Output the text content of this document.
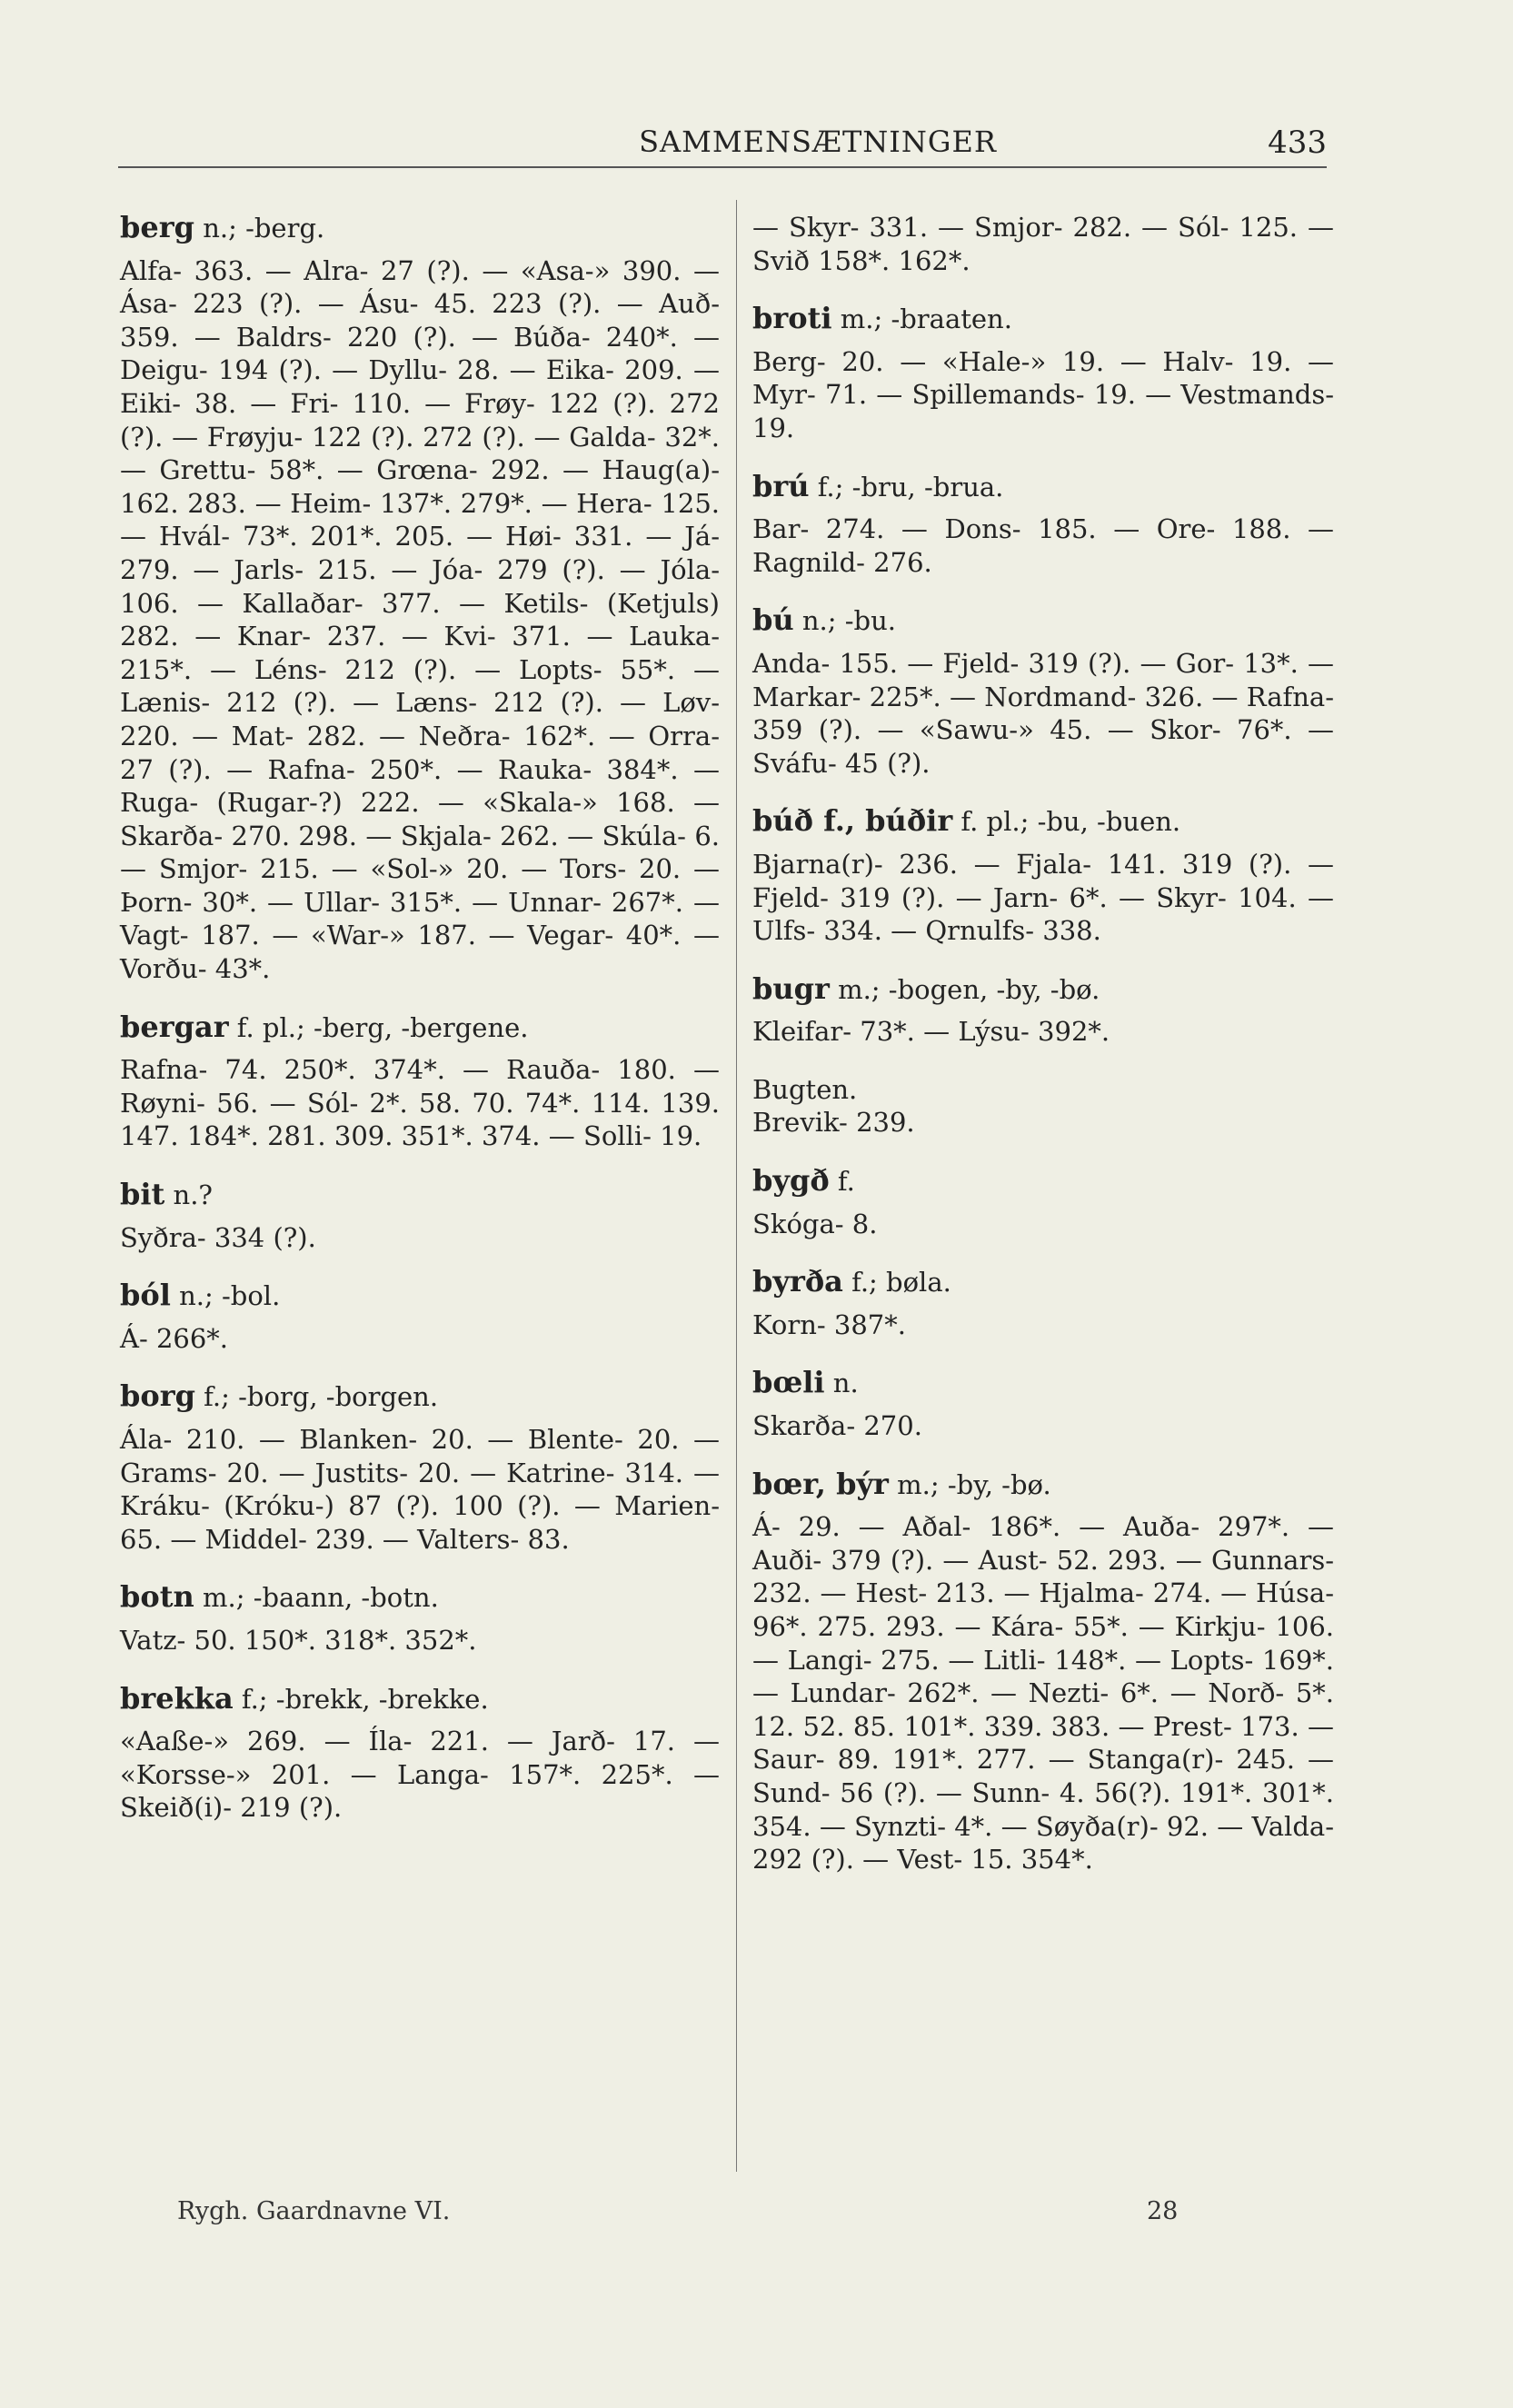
SAMMENSÆTNINGER	433

berg n.; -berg.

Alfa- 363. — Alra- 27 (?). — «Asa-» 390. — Ása- 223 (?). — Ásu- 45. 223 (?). — Auð- 359. — Baldrs- 220 (?). — Búða- 240*. — Deigu- 194 (?). — Dyllu- 28. — Eika- 209. — Eiki- 38. — Fri- 110. — Frøy- 122 (?). 272 (?). — Frøyju- 122 (?). 272 (?). — Galda- 32*. — Grettu- 58*. — Grœna- 292. — Haug(a)- 162. 283. — Heim- 137*. 279*. — Hera- 125. — Hvál- 73*. 201*. 205. — Høi- 331. — Já- 279. — Jarls- 215. — Jóa- 279 (?). — Jóla- 106. — Kallaðar- 377. — Ketils- (Ketjuls) 282. — Knar- 237. — Kvi- 371. — Lauka- 215*. — Léns- 212 (?). — Lopts- 55*. — Lænis- 212 (?). — Læns- 212 (?). — Løv- 220. — Mat- 282. — Neðra- 162*. — Orra- 27 (?). — Rafna- 250*. — Rauka- 384*. — Ruga- (Rugar-?) 222. — «Skala-» 168. — Skarða- 270. 298. — Skjala- 262. — Skúla- 6. — Smjor- 215. — «Sol-» 20. — Tors- 20. — Þorn- 30*. — Ullar- 315*. — Unnar- 267*. — Vagt- 187. — «War-» 187. — Vegar- 40*. — Vorðu- 43*.

bergar f. pl.; -berg, -bergene.

Rafna- 74. 250*. 374*. — Rauða- 180. — Røyni- 56. — Sól- 2*. 58. 70. 74*. 114. 139. 147. 184*. 281. 309. 351*. 374. — Solli- 19.

bit n.?

Syðra- 334 (?).

ból n.; -bol.

Á- 266*.

borg f.; -borg, -borgen.

Ála- 210. — Blanken- 20. — Blente- 20. — Grams- 20. — Justits- 20. — Katrine- 314. — Kráku- (Króku-) 87 (?). 100 (?). — Marien- 65. — Middel- 239. — Valters- 83.

botn m.; -baann, -botn.

Vatz- 50. 150*. 318*. 352*.

brekka f.; -brekk, -brekke.

«Aaße-» 269. — Íla- 221. — Jarð- 17. — «Korsse-» 201. — Langa- 157*. 225*. — Skeið(i)- 219 (?).

— Skyr- 331. — Smjor- 282. — Sól- 125. — Svið 158*. 162*.

broti m.; -braaten.

Berg- 20. — «Hale-» 19. — Halv- 19. — Myr- 71. — Spillemands- 19. — Vestmands- 19.

brú f.; -bru, -brua.

Bar- 274. — Dons- 185. — Ore- 188. — Ragnild- 276.

bú n.; -bu.

Anda- 155. — Fjeld- 319 (?). — Gor- 13*. — Markar- 225*. — Nordmand- 326. — Rafna- 359 (?). — «Sawu-» 45. — Skor- 76*. — Sváfu- 45 (?).

búð f., búðir f. pl.; -bu, -buen.

Bjarna(r)- 236. — Fjala- 141. 319 (?). — Fjeld- 319 (?). — Jarn- 6*. — Skyr- 104. — Ulfs- 334. — Qrnulfs- 338.

bugr m.; -bogen, -by, -bø.

Kleifar- 73*. — Lýsu- 392*.

Bugten.
Brevik- 239.

bygð f.

Skóga- 8.

byrða f.; bøla.

Korn- 387*.

bœli n.

Skarða- 270.

bœr, býr m.; -by, -bø.

Á- 29. — Aðal- 186*. — Auða- 297*. — Auði- 379 (?). — Aust- 52. 293. — Gunnars- 232. — Hest- 213. — Hjalma- 274. — Húsa- 96*. 275. 293. — Kára- 55*. — Kirkju- 106. — Langi- 275. — Litli- 148*. — Lopts- 169*. — Lundar- 262*. — Nezti- 6*. — Norð- 5*. 12. 52. 85. 101*. 339. 383. — Prest- 173. — Saur- 89. 191*. 277. — Stanga(r)- 245. — Sund- 56 (?). — Sunn- 4. 56(?). 191*. 301*. 354. — Synzti- 4*. — Søyða(r)- 92. — Valda- 292 (?). — Vest- 15. 354*.

Rygh. Gaardnavne VI.	28
